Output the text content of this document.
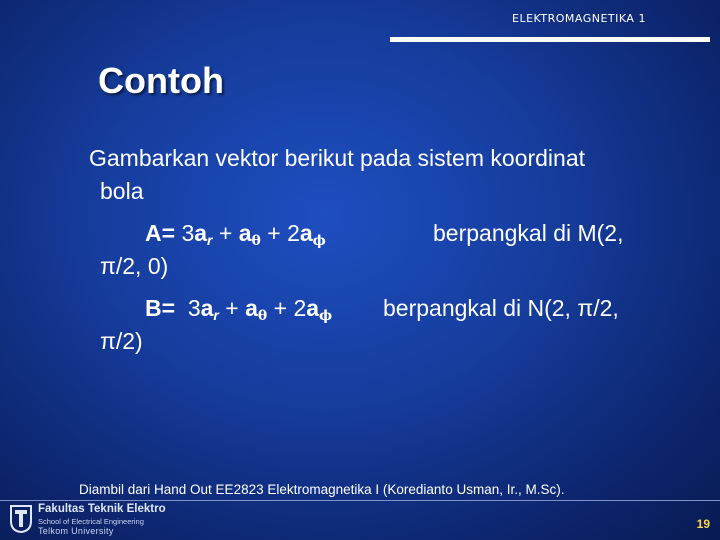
ELEKTROMAGNETIKA 1
Contoh
Gambarkan vektor berikut pada sistem koordinat
bola
$A= 3a_r + a_\theta + 2a_\phi$	berpangkal di M(2,
π/2, 0)
$B= 3a_r + a_\theta + 2a_\phi$ berpangkal di N(2, π/2,
π/2)
Diambil dari Hand Out EE2823 Elektromagnetika I (Koredianto Usman, Ir., M.Sc).
Fakultas Teknik Elektro
School of Electrical Engineering
Telkom University	19
